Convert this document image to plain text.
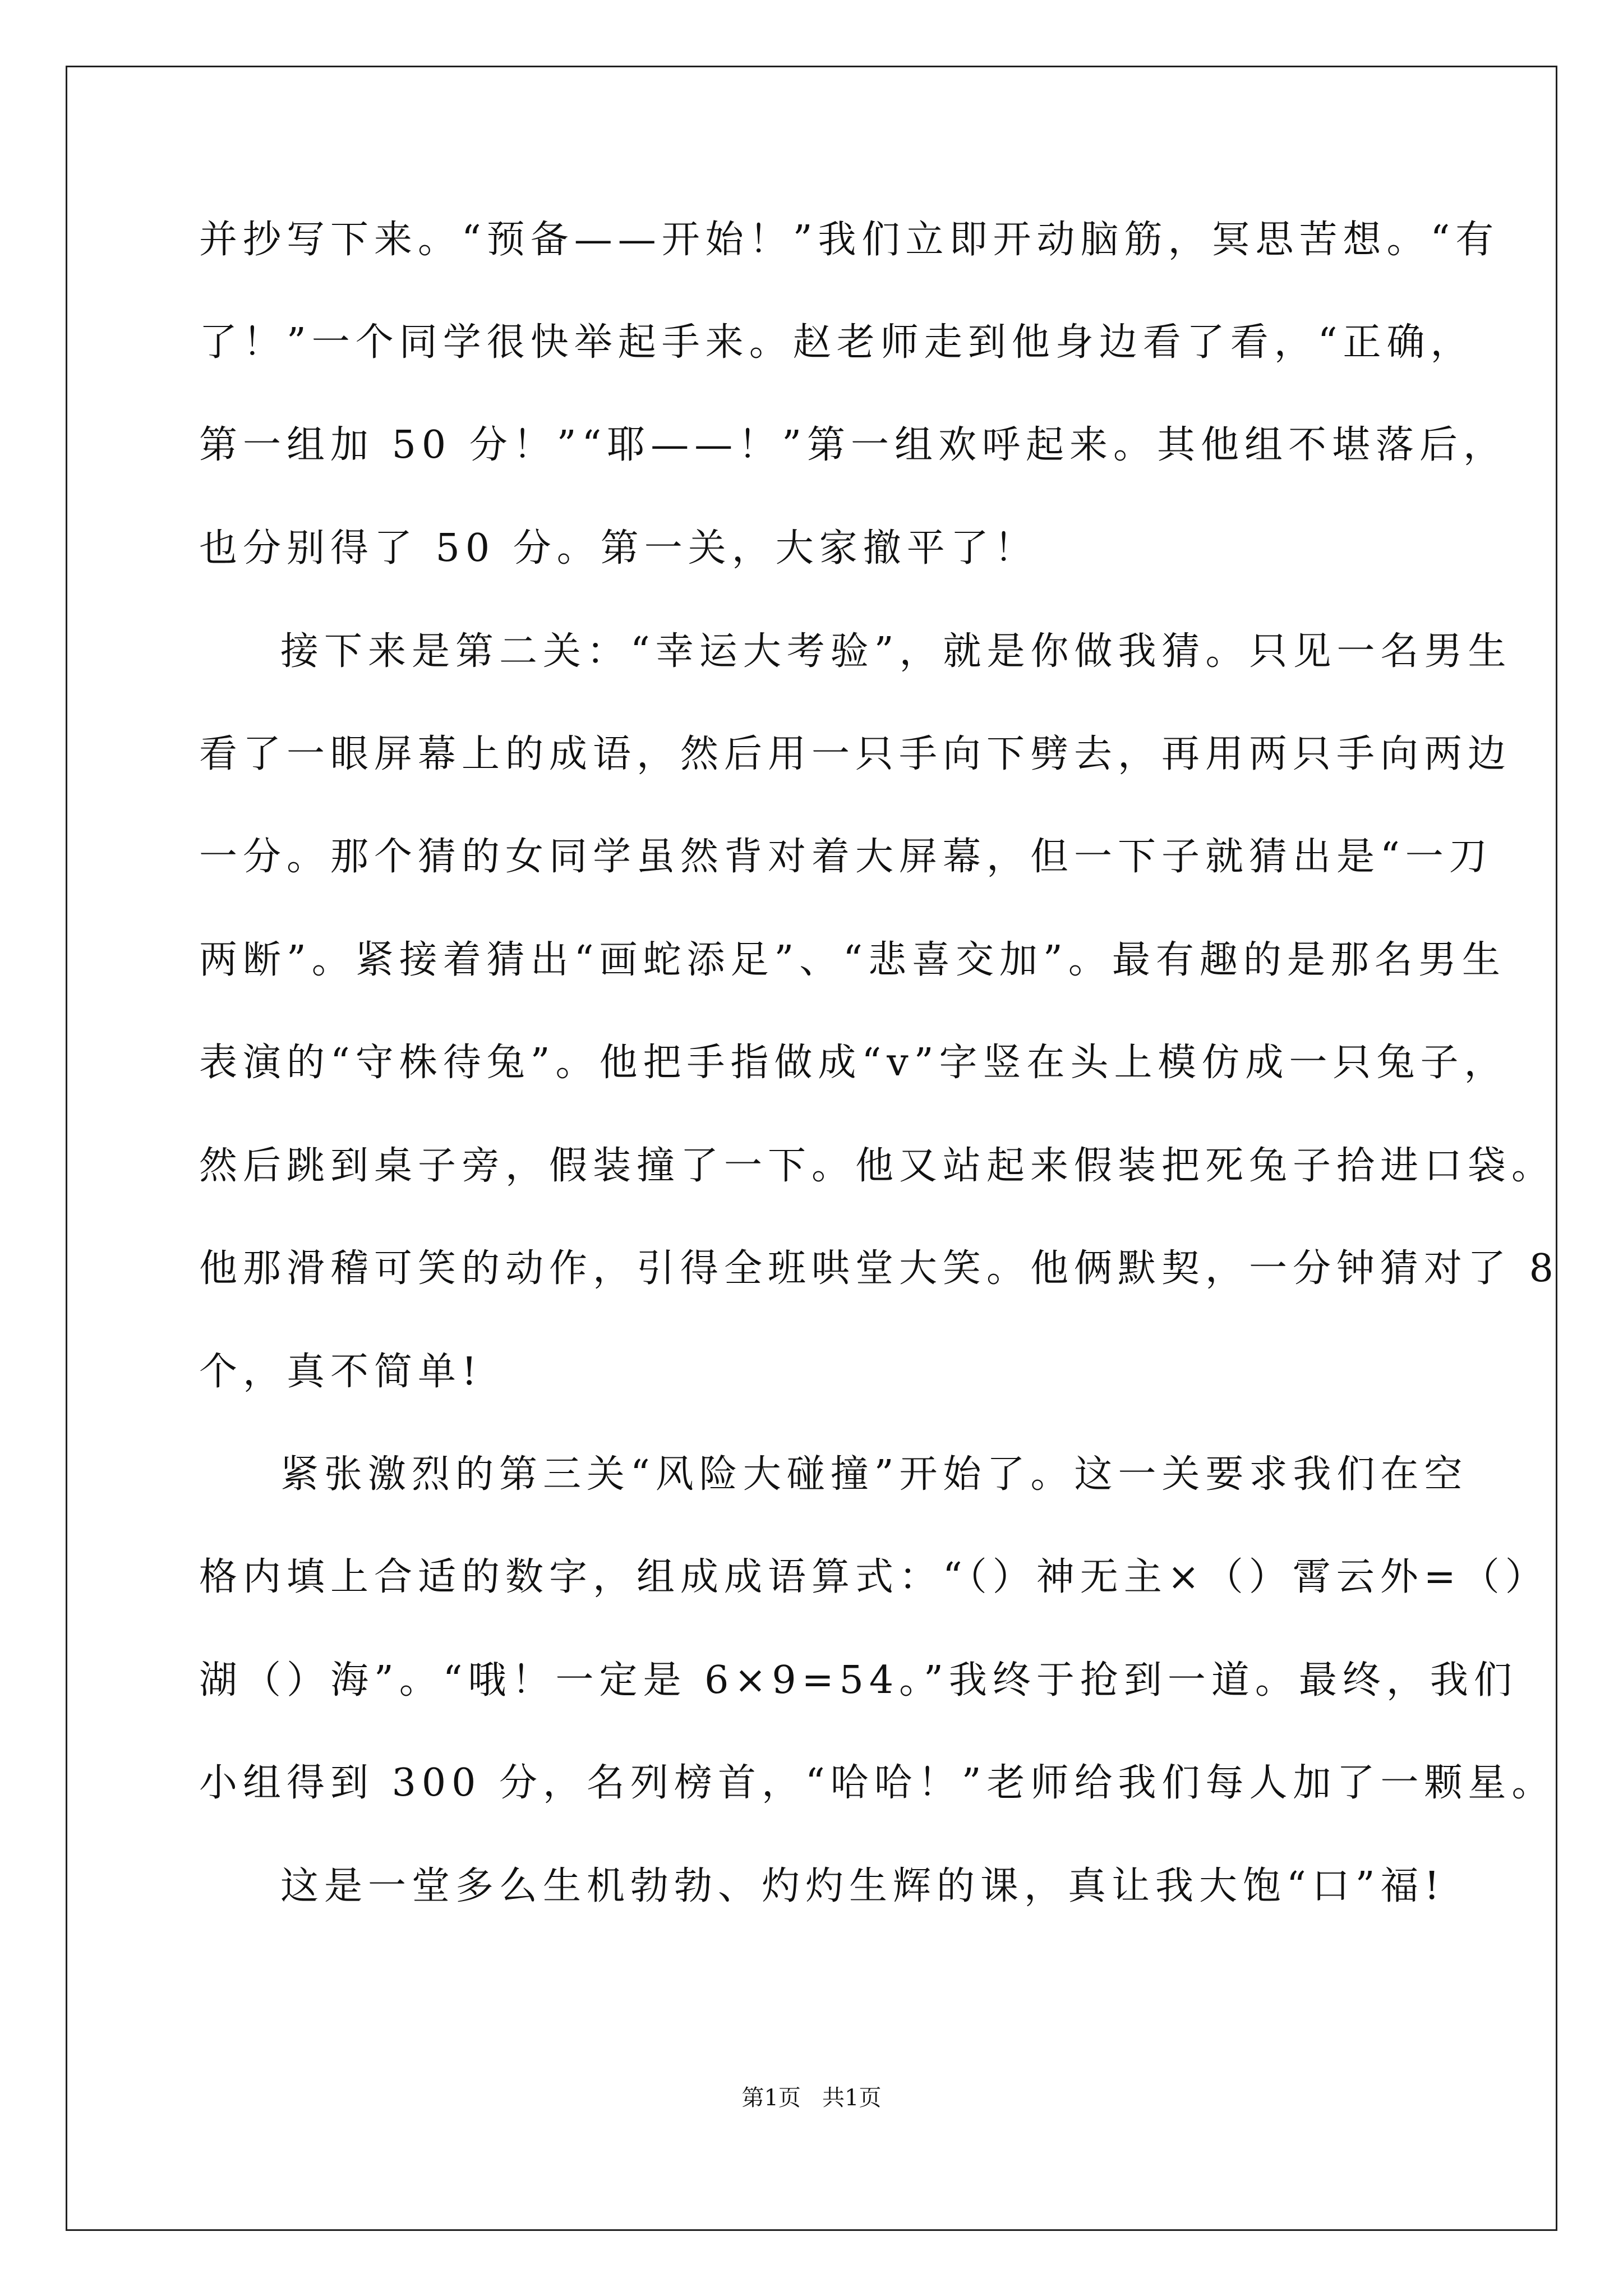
并抄写下来。“预备——开始！”我们立即开动脑筋，冥思苦想。“有
了！”一个同学很快举起手来。赵老师走到他身边看了看，“正确，
第一组加 50 分！”“耶——！”第一组欢呼起来。其他组不堪落后，
也分别得了 50 分。第一关，大家撤平了！
接下来是第二关：“幸运大考验”，就是你做我猜。只见一名男生
看了一眼屏幕上的成语，然后用一只手向下劈去，再用两只手向两边
一分。那个猜的女同学虽然背对着大屏幕，但一下子就猜出是“一刀
两断”。紧接着猜出“画蛇添足”、“悲喜交加”。最有趣的是那名男生
表演的“守株待兔”。他把手指做成“v”字竖在头上模仿成一只兔子，
然后跳到桌子旁，假装撞了一下。他又站起来假装把死兔子拾进口袋。
他那滑稽可笑的动作，引得全班哄堂大笑。他俩默契，一分钟猜对了 8
个，真不简单!
紧张激烈的第三关“风险大碰撞”开始了。这一关要求我们在空
格内填上合适的数字，组成成语算式：“（）神无主×（）霄云外=（）
湖（）海”。“哦！一定是 6×9=54。”我终于抢到一道。最终，我们
小组得到 300 分，名列榜首，“哈哈！”老师给我们每人加了一颗星。
这是一堂多么生机勃勃、灼灼生辉的课，真让我大饱“口”福!
第1页   共1页
